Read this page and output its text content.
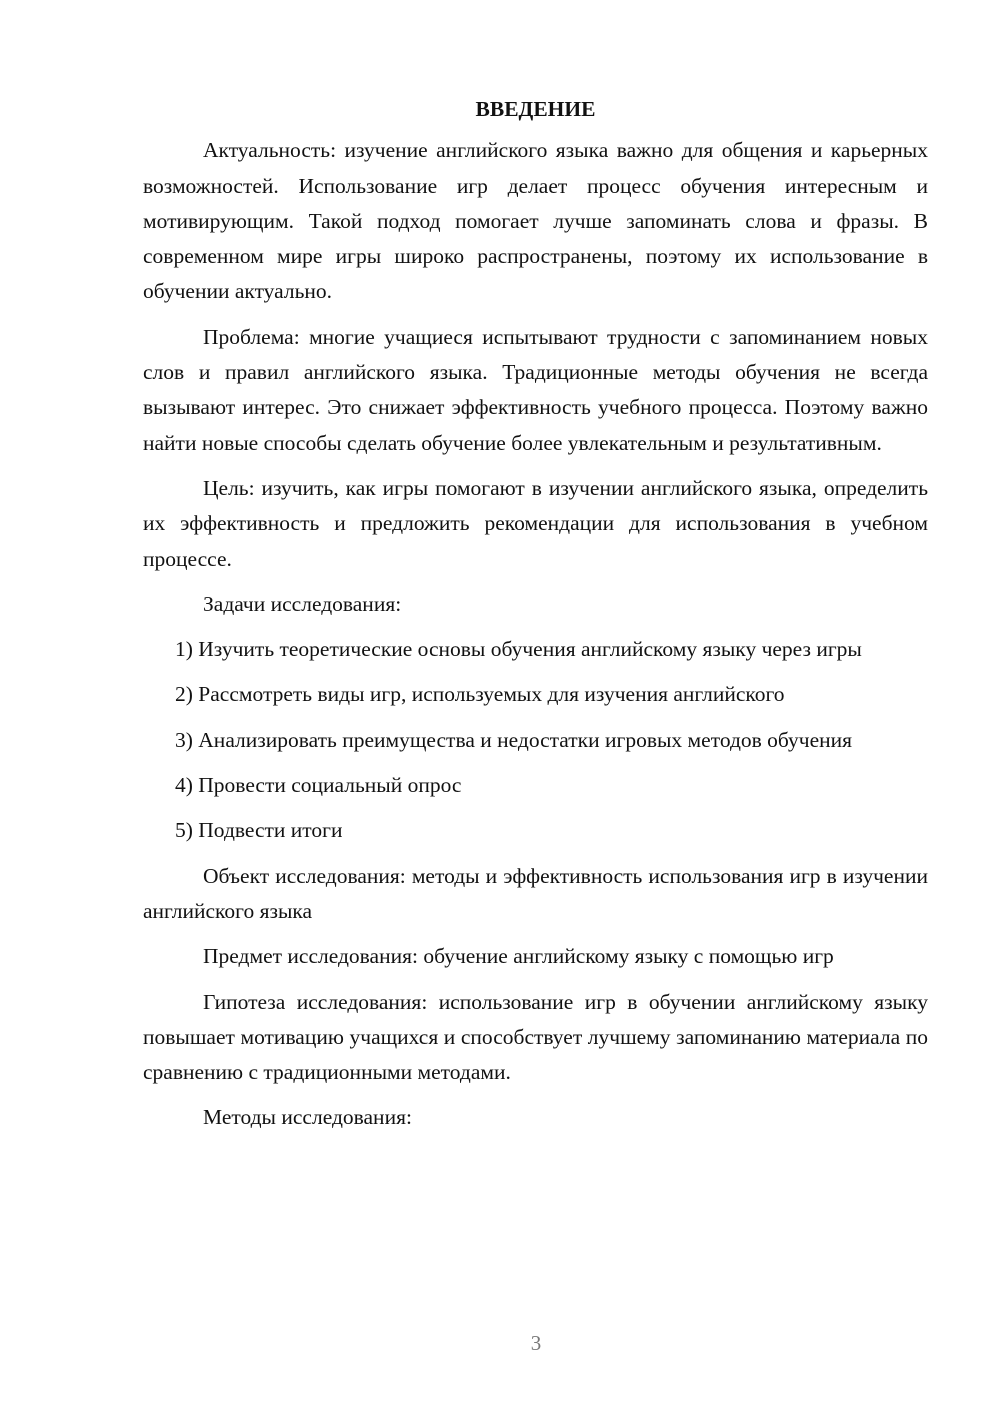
ВВЕДЕНИЕ

Актуальность: изучение английского языка важно для общения и карьерных возможностей. Использование игр делает процесс обучения интересным и мотивирующим. Такой подход помогает лучше запоминать слова и фразы. В современном мире игры широко распространены, поэтому их использование в обучении актуально.

Проблема: многие учащиеся испытывают трудности с запоминанием новых слов и правил английского языка. Традиционные методы обучения не всегда вызывают интерес. Это снижает эффективность учебного процесса. Поэтому важно найти новые способы сделать обучение более увлекательным и результативным.

Цель: изучить, как игры помогают в изучении английского языка, определить их эффективность и предложить рекомендации для использования в учебном процессе.

Задачи исследования:

1) Изучить теоретические основы обучения английскому языку через игры

2) Рассмотреть виды игр, используемых для изучения английского

3) Анализировать преимущества и недостатки игровых методов обучения

4) Провести социальный опрос

5) Подвести итоги

Объект исследования: методы и эффективность использования игр в изучении английского языка

Предмет исследования: обучение английскому языку с помощью игр

Гипотеза исследования: использование игр в обучении английскому языку повышает мотивацию учащихся и способствует лучшему запоминанию материала по сравнению с традиционными методами.

Методы исследования:

3
